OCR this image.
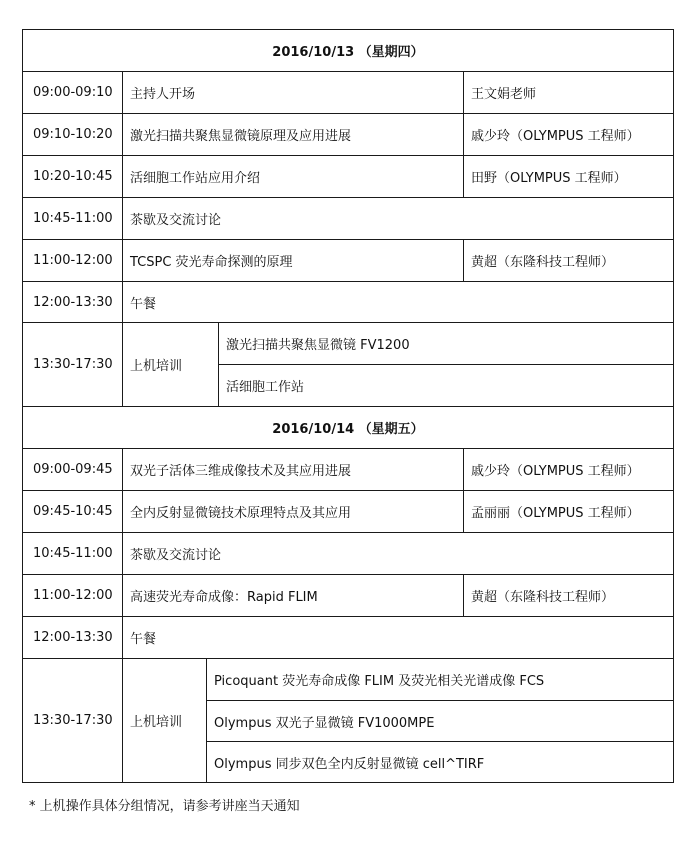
2016/10/13 （星期四）
09:00-09:10	主持人开场	王文娟老师
09:10-10:20	激光扫描共聚焦显微镜原理及应用进展	戚少玲（OLYMPUS 工程师）
10:20-10:45	活细胞工作站应用介绍	田野（OLYMPUS 工程师）
10:45-11:00	茶歇及交流讨论
11:00-12:00	TCSPC 荧光寿命探测的原理	黄超（东隆科技工程师）
12:00-13:30	午餐
13:30-17:30	上机培训
激光扫描共聚焦显微镜 FV1200
活细胞工作站
2016/10/14 （星期五）
09:00-09:45	双光子活体三维成像技术及其应用进展	戚少玲（OLYMPUS 工程师）
09:45-10:45	全内反射显微镜技术原理特点及其应用	孟丽丽（OLYMPUS 工程师）
10:45-11:00	茶歇及交流讨论
11:00-12:00	高速荧光寿命成像：Rapid FLIM	黄超（东隆科技工程师）
12:00-13:30	午餐
13:30-17:30	上机培训
Picoquant 荧光寿命成像 FLIM 及荧光相关光谱成像 FCS
Olympus 双光子显微镜 FV1000MPE
Olympus 同步双色全内反射显微镜 cell^TIRF
* 上机操作具体分组情况，请参考讲座当天通知
